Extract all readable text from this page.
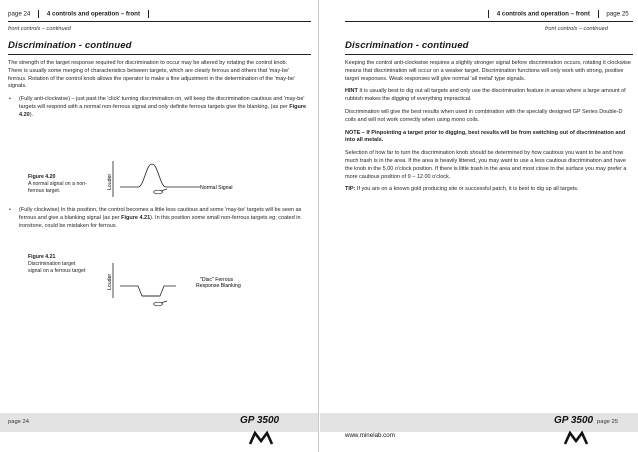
page 24	4 controls and operation – front
front controls – continued
Discrimination - continued

The strength of the target response required for discrimination to occur may be altered by rotating the control knob.

There is usually some merging of characteristics between targets, which are clearly ferrous and others that 'may-be' ferrous. Rotation of the control knob allows the operator to make a fine adjustment in the determination of the 'may-be' signals.

• (Fully anti-clockwise) – just past the 'click' turning discrimination on, will keep the discrimination cautious and 'may-be' targets will respond with a normal non-ferrous signal and only definite ferrous targets give the blanking, (as per Figure 4.20).
Figure 4.20
A normal signal on a non-ferrous target.
Louder	Normal Signal
• (Fully clockwise) In this position, the control becomes a little less cautious and some 'may-be' targets will be seen as ferrous and give a blanking signal (as per Figure 4.21). In this position some small non-ferrous targets eg; coated in ironstone, could be mistaken for ferrous.
Figure 4.21
Discrimination target signal on a ferrous target
Louder	"Disc" Ferrous
Response Blanking
page 24	GP 3500
4 controls and operation – front	page 25
front controls – continued
Discrimination - continued

Keeping the control anti-clockwise requires a slightly stronger signal before discrimination occurs, rotating it clockwise means that discrimination will occur on a weaker target. Discrimination functions will only work with strong, positive target responses. Weak responses will give normal 'all metal' type signals.

HINT It is usually best to dig out all targets and only use the discrimination feature in areas where a large amount of rubbish makes the digging of everything impractical.

Discrimination will give the best results when used in combination with the specially designed GP Series Double-D coils and will not work correctly when using mono coils.

NOTE – If Pinpointing a target prior to digging, best results will be from switching out of discrimination and into all metals.

Selection of how far to turn the discrimination knob should be determined by how cautious you want to be and how much trash is in the area. If the area is heavily littered, you may want to use a less cautious discrimination and have the knob in the 5.00 o'clock position. If there is little trash in the area and most close to the surface you may prefer a more cautious position of 9 – 12.00 o'clock.

TIP: If you are on a known gold producing site or successful patch, it is best to dig up all targets.

GP 3500 page 25
www.minelab.com
